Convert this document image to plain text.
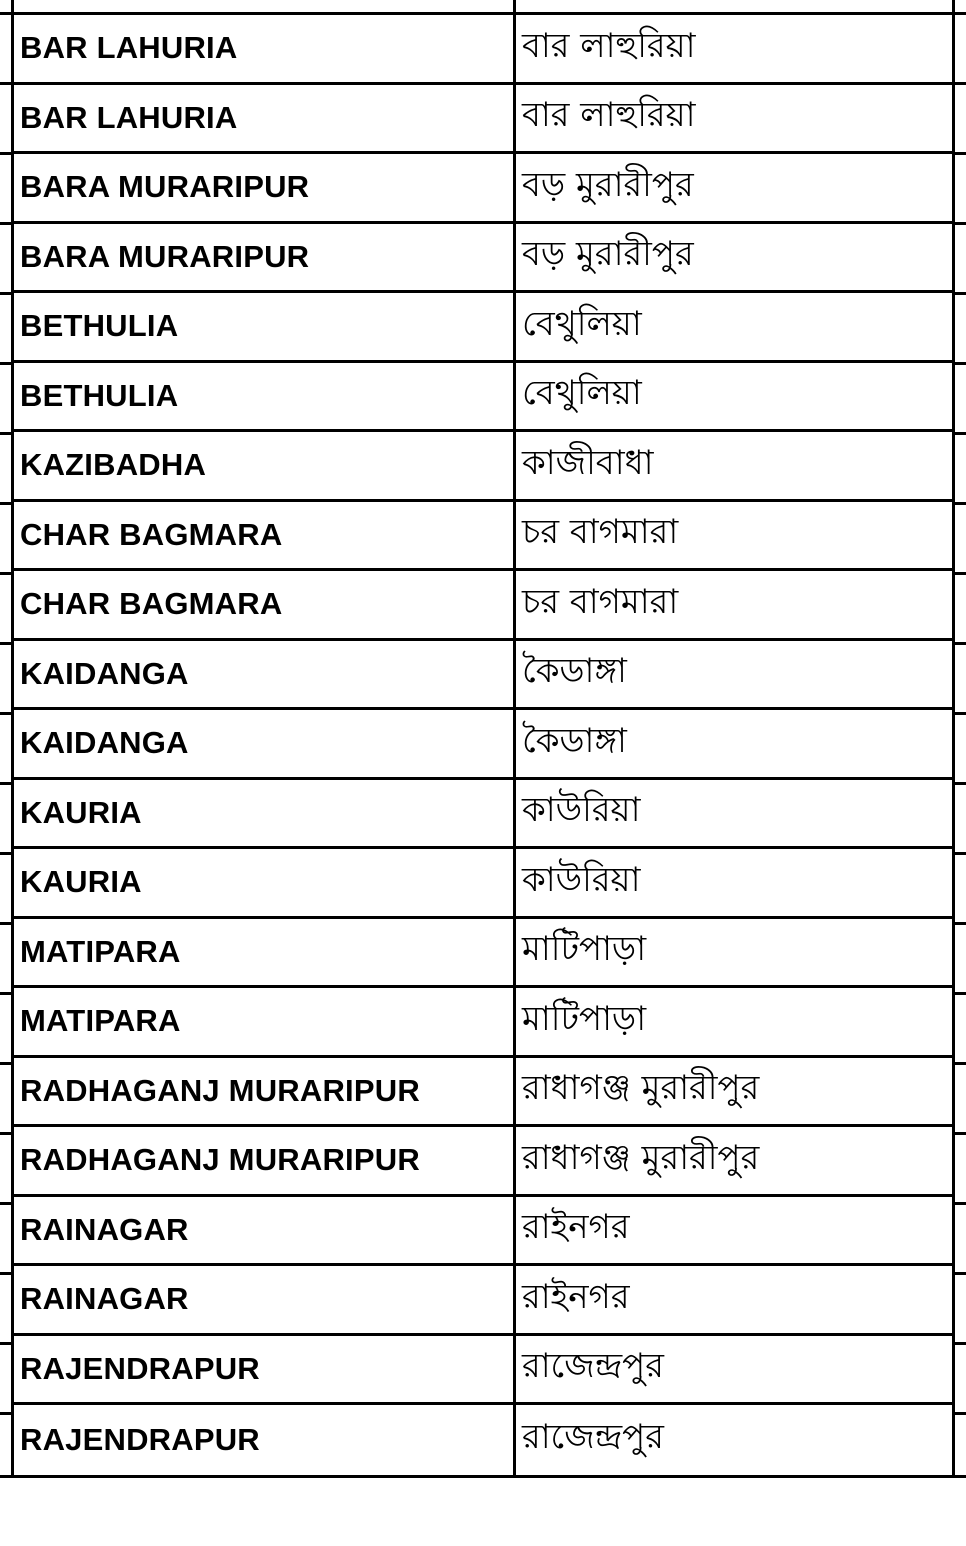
BAR LAHURIA	বার লাহুরিয়া
BAR LAHURIA	বার লাহুরিয়া
BARA MURARIPUR	বড় মুরারীপুর
BARA MURARIPUR	বড় মুরারীপুর
BETHULIA	বেথুলিয়া
BETHULIA	বেথুলিয়া
KAZIBADHA	কাজীবাধা
CHAR BAGMARA	চর বাগমারা
CHAR BAGMARA	চর বাগমারা
KAIDANGA	কৈডাঙ্গা
KAIDANGA	কৈডাঙ্গা
KAURIA	কাউরিয়া
KAURIA	কাউরিয়া
MATIPARA	মাটিপাড়া
MATIPARA	মাটিপাড়া
RADHAGANJ MURARIPUR	রাধাগঞ্জ মুরারীপুর
RADHAGANJ MURARIPUR	রাধাগঞ্জ মুরারীপুর
RAINAGAR	রাইনগর
RAINAGAR	রাইনগর
RAJENDRAPUR	রাজেন্দ্রপুর
RAJENDRAPUR	রাজেন্দ্রপুর
